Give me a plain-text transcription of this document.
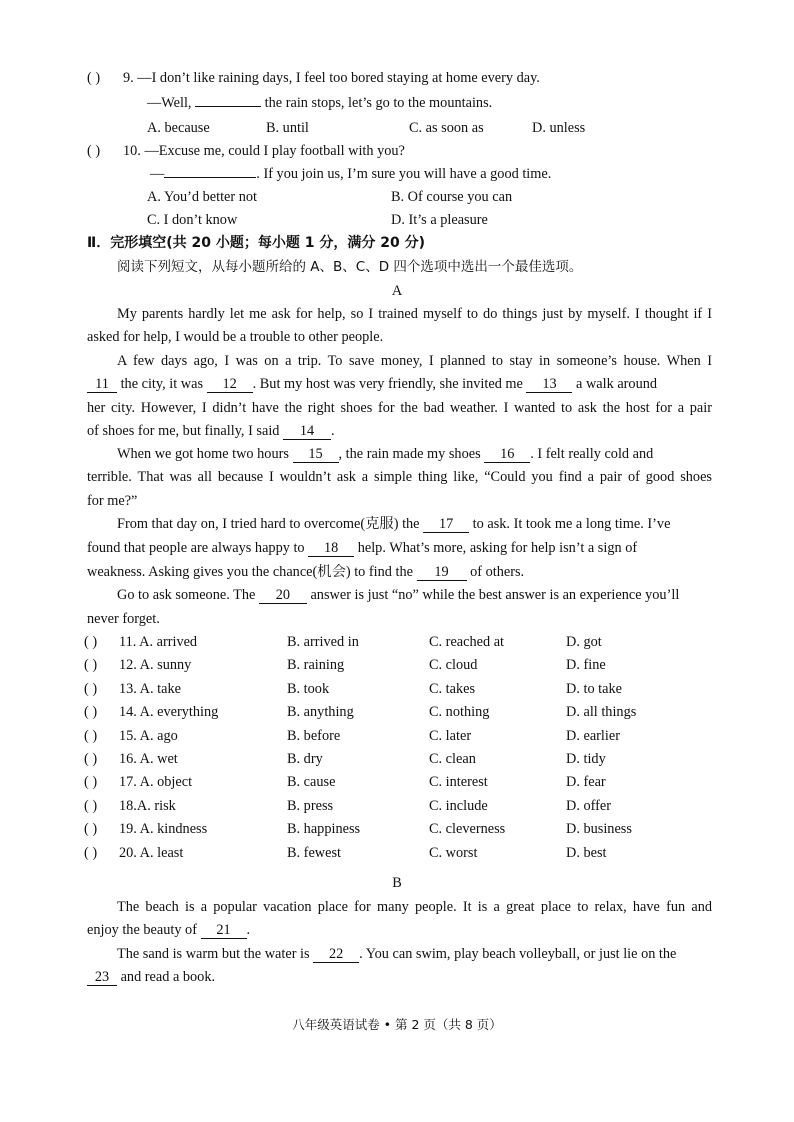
( ) 9. —I don’t like raining days, I feel too bored staying at home every day.
—Well,	the rain stops, let’s go to the mountains.
A. because	B. until	C. as soon as	D. unless
( ) 10. —Excuse me, could I play football with you?
—	. If you join us, I’m sure you will have a good time.
A. You’d better not	B. Of course you can
C. I don’t know	D. It’s a pleasure
Ⅱ．完形填空(共 20 小题；每小题 1 分，满分 20 分)
阅读下列短文，从每小题所给的 A、B、C、D 四个选项中选出一个最佳选项。
A
My parents hardly let me ask for help, so I trained myself to do things just by myself. I thought if I
asked for help, I would be a trouble to other people.
A few days ago, I was on a trip. To save money, I planned to stay in someone’s house. When I
11 the city, it was 12 . But my host was very friendly, she invited me 13 a walk around
her city. However, I didn’t have the right shoes for the bad weather. I wanted to ask the host for a pair
of shoes for me, but finally, I said 14 .
When we got home two hours 15 , the rain made my shoes 16 . I felt really cold and
terrible. That was all because I wouldn’t ask a simple thing like, “Could you find a pair of good shoes
for me?”
From that day on, I tried hard to overcome(克服) the 17 to ask. It took me a long time. I’ve
found that people are always happy to 18 help. What’s more, asking for help isn’t a sign of
weakness. Asking gives you the chance(机会) to find the 19 of others.
Go to ask someone. The 20 answer is just “no” while the best answer is an experience you’ll
never forget.
( ) 11. A. arrived	B. arrived in	C. reached at	D. got
( ) 12. A. sunny	B. raining	C. cloud	D. fine
( ) 13. A. take	B. took	C. takes	D. to take
( ) 14. A. everything	B. anything	C. nothing	D. all things
( ) 15. A. ago	B. before	C. later	D. earlier
( ) 16. A. wet	B. dry	C. clean	D. tidy
( ) 17. A. object	B. cause	C. interest	D. fear
( ) 18.A. risk	B. press	C. include	D. offer
( ) 19. A. kindness	B. happiness	C. cleverness	D. business
( ) 20. A. least	B. fewest	C. worst	D. best
B
The beach is a popular vacation place for many people. It is a great place to relax, have fun and
enjoy the beauty of 21 .
The sand is warm but the water is 22 . You can swim, play beach volleyball, or just lie on the
23 and read a book.
八年级英语试卷 • 第 2 页（共 8 页）
